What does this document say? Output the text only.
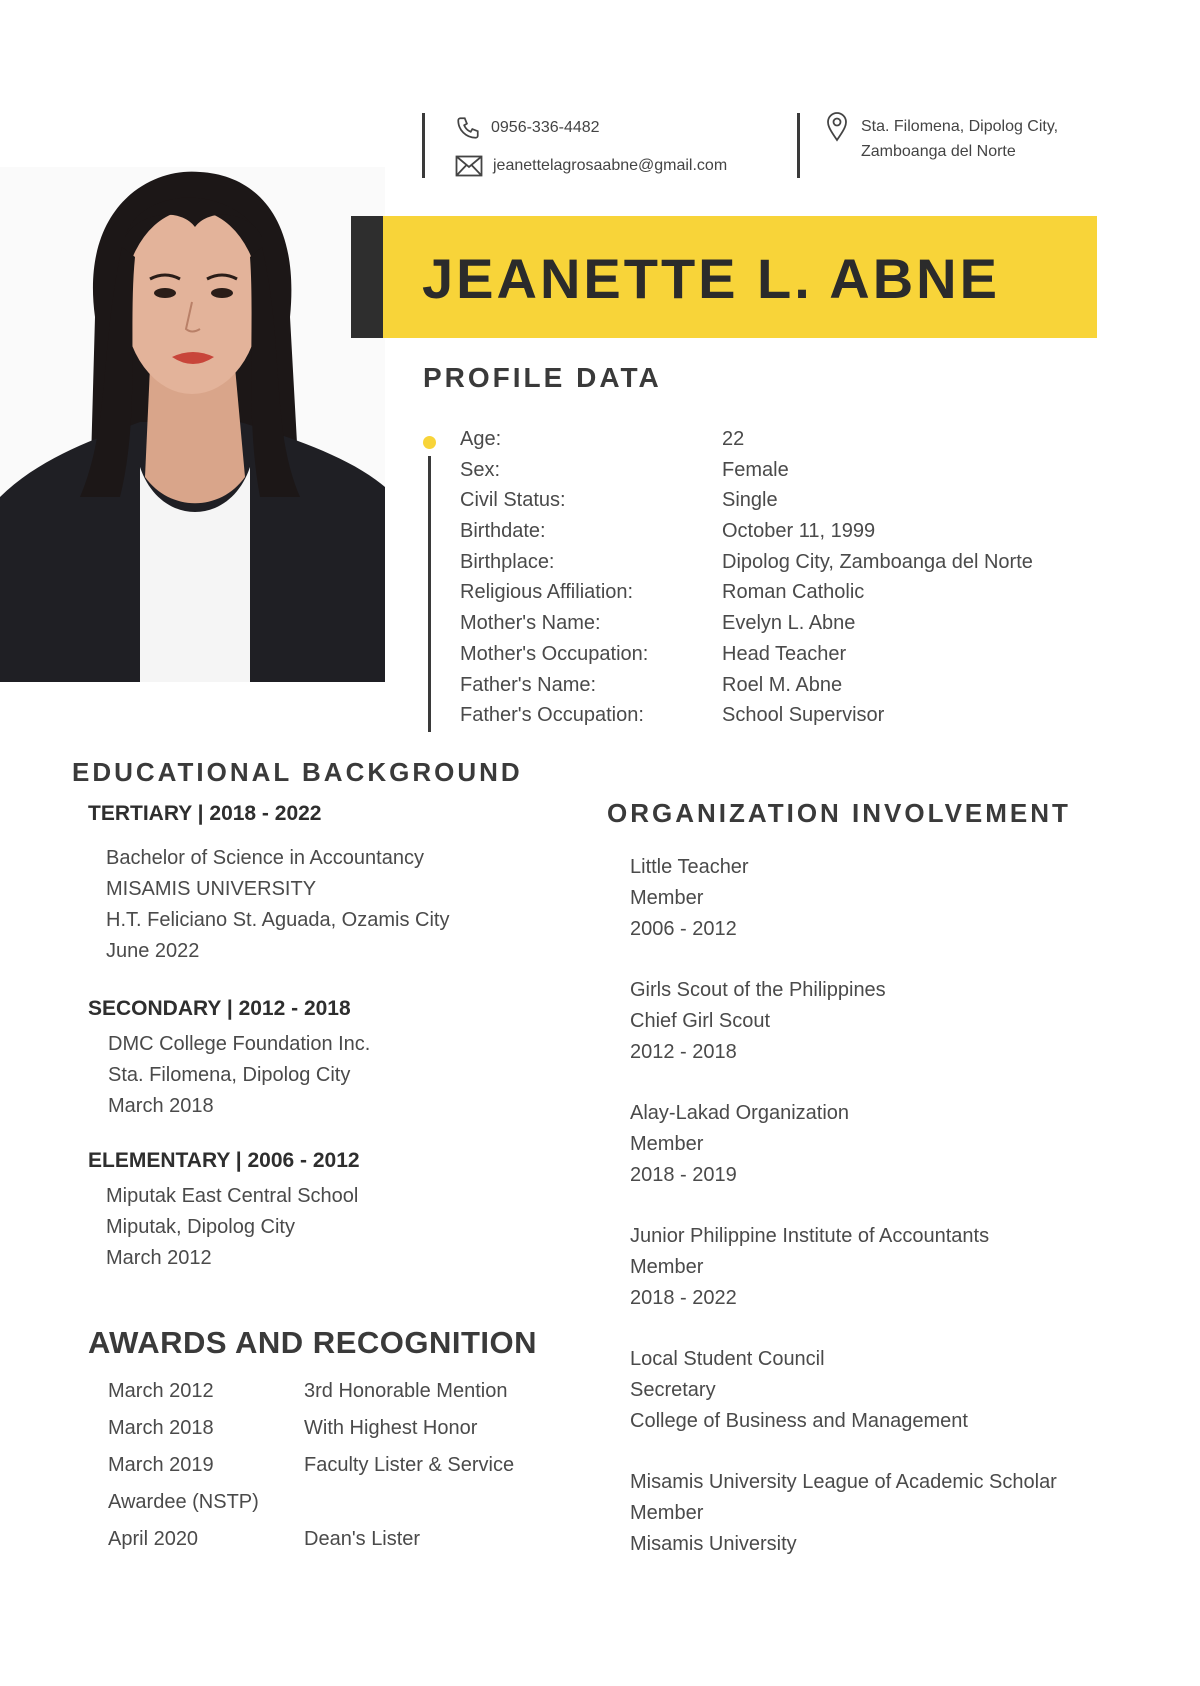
0956-336-4482
jeanettelagrosaabne@gmail.com
Sta. Filomena, Dipolog City,
Zamboanga del Norte
JEANETTE L. ABNE
PROFILE DATA
Age:	22
Sex:	Female
Civil Status:	Single
Birthdate:	October 11, 1999
Birthplace:	Dipolog City, Zamboanga del Norte
Religious Affiliation:	Roman Catholic
Mother's Name:	Evelyn L. Abne
Mother's Occupation:	Head Teacher
Father's Name:	Roel M. Abne
Father's Occupation:	School Supervisor
EDUCATIONAL BACKGROUND
TERTIARY | 2018 - 2022
Bachelor of Science in Accountancy
MISAMIS UNIVERSITY
H.T. Feliciano St. Aguada, Ozamis City
June 2022
SECONDARY | 2012 - 2018
DMC College Foundation Inc.
Sta. Filomena, Dipolog City
March 2018
ELEMENTARY | 2006 - 2012
Miputak East Central School
Miputak, Dipolog City
March 2012
AWARDS AND RECOGNITION
March 2012	3rd Honorable Mention
March 2018	With Highest Honor
March 2019	Faculty Lister & Service
Awardee (NSTP)
April 2020	Dean's Lister
ORGANIZATION INVOLVEMENT
Little Teacher
Member
2006 - 2012
Girls Scout of the Philippines
Chief Girl Scout
2012 - 2018
Alay-Lakad Organization
Member
2018 - 2019
Junior Philippine Institute of Accountants
Member
2018 - 2022
Local Student Council
Secretary
College of Business and Management
Misamis University League of Academic Scholar
Member
Misamis University
